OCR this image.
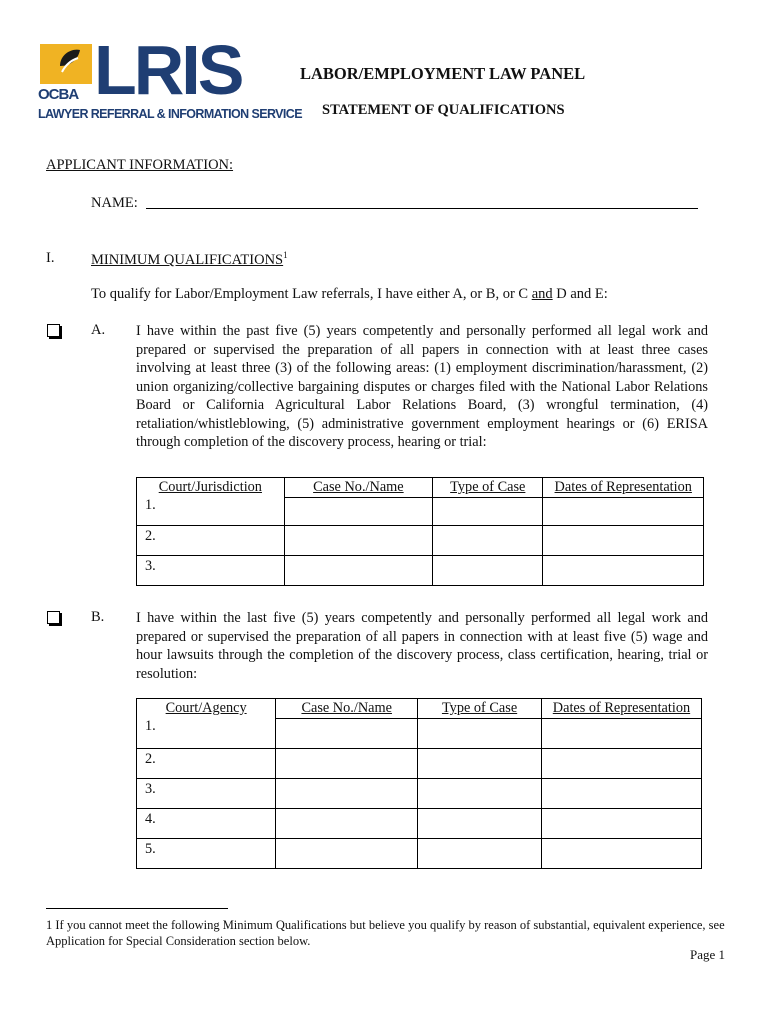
OCBA LRIS
LAWYER REFERRAL & INFORMATION SERVICE
LABOR/EMPLOYMENT LAW PANEL
STATEMENT OF QUALIFICATIONS
APPLICANT INFORMATION:
NAME:
I.	MINIMUM QUALIFICATIONS$^1$
To qualify for Labor/Employment Law referrals, I have either A, or B, or C and D and E:
A. I have within the past five (5) years competently and personally performed all legal work and prepared or supervised the preparation of all papers in connection with at least three cases involving at least three (3) of the following areas: (1) employment discrimination/harassment, (2) union organizing/collective bargaining disputes or charges filed with the National Labor Relations Board or California Agricultural Labor Relations Board, (3) wrongful termination, (4) retaliation/whistleblowing, (5) administrative government employment hearings or (6) ERISA through completion of the discovery process, hearing or trial:
Court/Jurisdiction	Case No./Name	Type of Case	Dates of Representation

1.			

2.			

3.			

B. I have within the last five (5) years competently and personally performed all legal work and prepared or supervised the preparation of all papers in connection with at least five (5) wage and hour lawsuits through the completion of the discovery process, class certification, hearing, trial or resolution:
Court/Agency	Case No./Name	Type of Case	Dates of Representation

1.			

2.			

3.			

4.			

5.			

1 If you cannot meet the following Minimum Qualifications but believe you qualify by reason of substantial, equivalent experience, see Application for Special Consideration section below.
Page 1
